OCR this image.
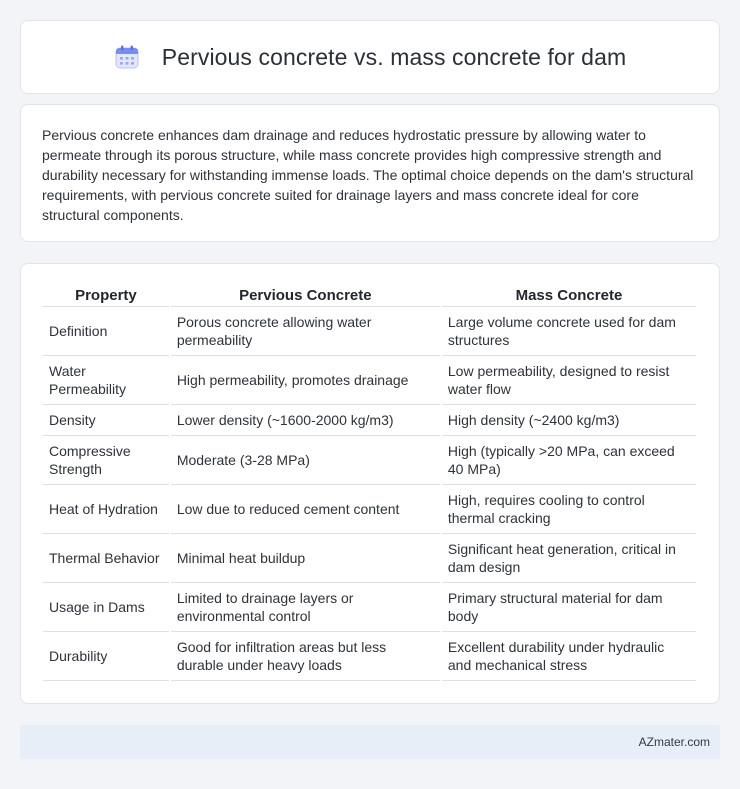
Pervious concrete vs. mass concrete for dam

Pervious concrete enhances dam drainage and reduces hydrostatic pressure by allowing water to permeate through its porous structure, while mass concrete provides high compressive strength and durability necessary for withstanding immense loads. The optimal choice depends on the dam's structural requirements, with pervious concrete suited for drainage layers and mass concrete ideal for core structural components.

Property	Pervious Concrete	Mass Concrete
Definition	Porous concrete allowing water permeability	Large volume concrete used for dam structures
Water Permeability	High permeability, promotes drainage	Low permeability, designed to resist water flow
Density	Lower density (~1600-2000 kg/m3)	High density (~2400 kg/m3)
Compressive Strength	Moderate (3-28 MPa)	High (typically >20 MPa, can exceed 40 MPa)
Heat of Hydration	Low due to reduced cement content	High, requires cooling to control thermal cracking
Thermal Behavior	Minimal heat buildup	Significant heat generation, critical in dam design
Usage in Dams	Limited to drainage layers or environmental control	Primary structural material for dam body
Durability	Good for infiltration areas but less durable under heavy loads	Excellent durability under hydraulic and mechanical stress
AZmater.com
